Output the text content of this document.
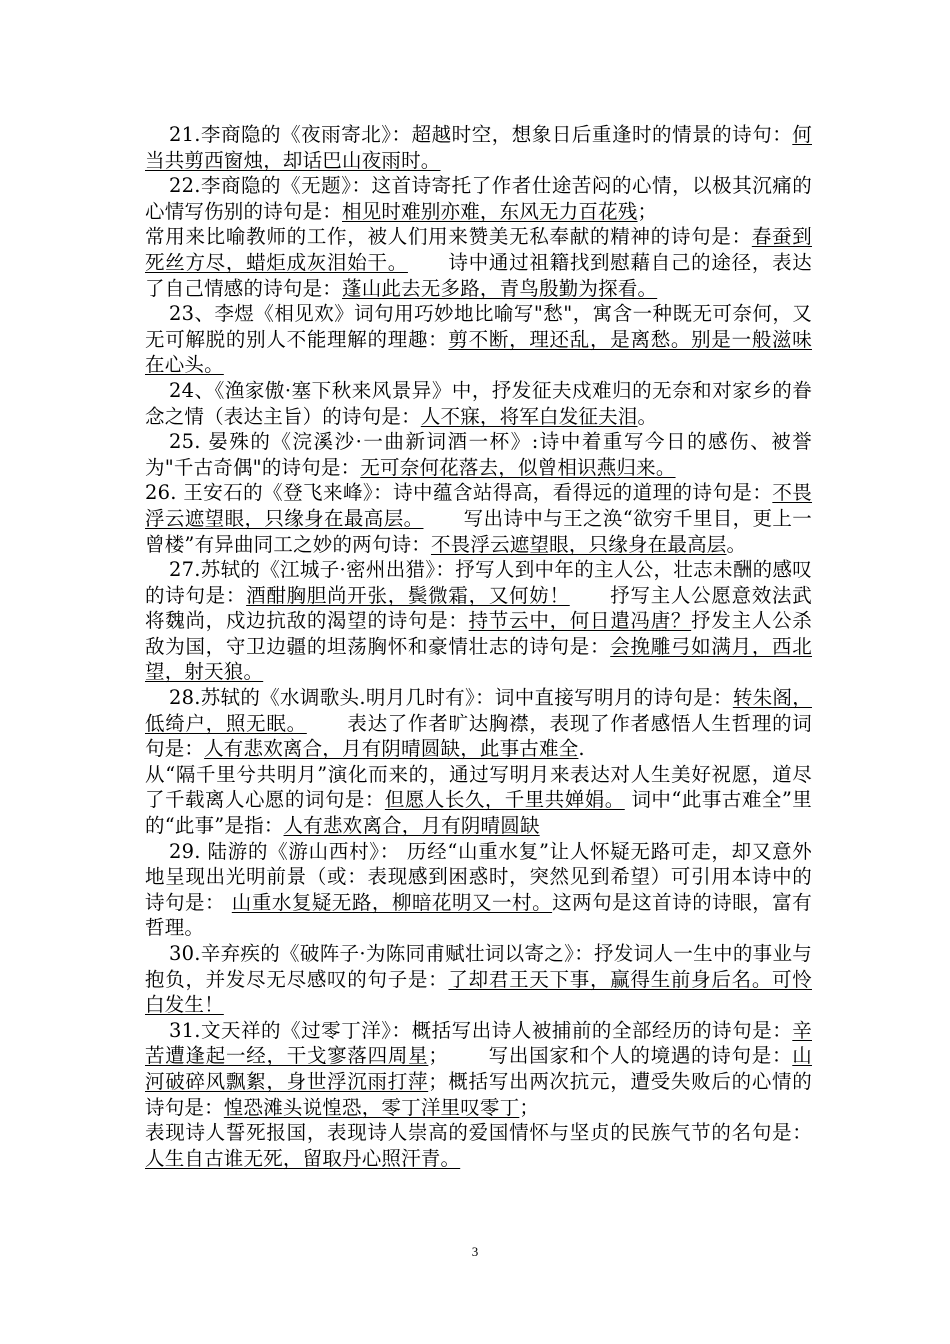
21.李商隐的《夜雨寄北》：超越时空，想象日后重逢时的情景的诗句：何当共剪西窗烛，却话巴山夜雨时。

22.李商隐的《无题》：这首诗寄托了作者仕途苦闷的心情，以极其沉痛的心情写伤别的诗句是：相见时难别亦难，东风无力百花残；

常用来比喻教师的工作，被人们用来赞美无私奉献的精神的诗句是：春蚕到死丝方尽，蜡炬成灰泪始干。 诗中通过祖籍找到慰藉自己的途径，表达了自己情感的诗句是：蓬山此去无多路，青鸟殷勤为探看。

23、李煜《相见欢》词句用巧妙地比喻写"愁"，寓含一种既无可奈何，又无可解脱的别人不能理解的理趣：剪不断，理还乱，是离愁。别是一般滋味在心头。

24、《渔家傲·塞下秋来风景异》中，抒发征夫戍难归的无奈和对家乡的眷念之情（表达主旨）的诗句是：人不寐，将军白发征夫泪。

25. 晏殊的《浣溪沙·一曲新词酒一杯》:诗中着重写今日的感伤、被誉为"千古奇偶"的诗句是：无可奈何花落去，似曾相识燕归来。

26. 王安石的《登飞来峰》：诗中蕴含站得高，看得远的道理的诗句是：不畏浮云遮望眼，只缘身在最高层。 写出诗中与王之涣“欲穷千里目，更上一曾楼”有异曲同工之妙的两句诗：不畏浮云遮望眼，只缘身在最高层。

27.苏轼的《江城子·密州出猎》：抒写人到中年的主人公，壮志未酬的感叹的诗句是：酒酣胸胆尚开张，鬓微霜，又何妨！ 抒写主人公愿意效法武将魏尚，戍边抗敌的渴望的诗句是：持节云中，何日遣冯唐？抒发主人公杀敌为国，守卫边疆的坦荡胸怀和豪情壮志的诗句是：会挽雕弓如满月，西北望，射天狼。

28.苏轼的《水调歌头.明月几时有》：词中直接写明月的诗句是：转朱阁，低绮户，照无眠。 表达了作者旷达胸襟，表现了作者感悟人生哲理的词句是：人有悲欢离合，月有阴晴圆缺，此事古难全.

从“隔千里兮共明月”演化而来的，通过写明月来表达对人生美好祝愿，道尽了千载离人心愿的词句是：但愿人长久，千里共婵娟。 词中“此事古难全”里的“此事”是指：人有悲欢离合，月有阴晴圆缺

29. 陆游的《游山西村》： 历经“山重水复”让人怀疑无路可走，却又意外地呈现出光明前景（或：表现感到困惑时，突然见到希望）可引用本诗中的诗句是： 山重水复疑无路，柳暗花明又一村。这两句是这首诗的诗眼，富有哲理。

30.辛弃疾的《破阵子·为陈同甫赋壮词以寄之》：抒发词人一生中的事业与抱负，并发尽无尽感叹的句子是：了却君王天下事，赢得生前身后名。可怜白发生！

31.文天祥的《过零丁洋》：概括写出诗人被捕前的全部经历的诗句是：辛苦遭逢起一经，干戈寥落四周星； 写出国家和个人的境遇的诗句是：山河破碎风飘絮，身世浮沉雨打萍；概括写出两次抗元，遭受失败后的心情的诗句是：惶恐滩头说惶恐，零丁洋里叹零丁；

表现诗人誓死报国，表现诗人崇高的爱国情怀与坚贞的民族气节的名句是：人生自古谁无死，留取丹心照汗青。

3
